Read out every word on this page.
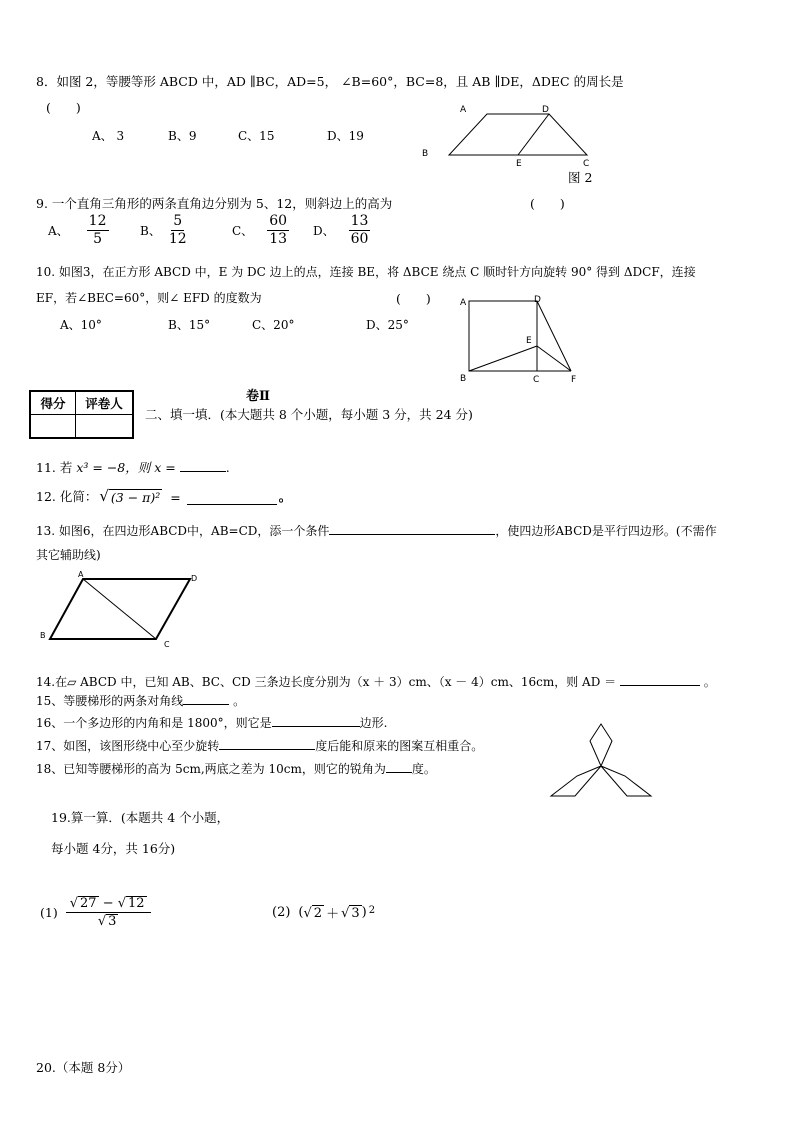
8．如图 2，等腰等形 ABCD 中，AD ∥BC，AD=5， ∠B=60°，BC=8，且 AB ∥DE，ΔDEC 的周长是
(　　)
A、 3	B、9	C、15	D、19
A	D
B
E	C
图 2
9. 一个直角三角形的两条直角边分别为 5、12，则斜边上的高为	(　　)
A、 $\frac{12}{5}$	B、 $\frac{5}{12}$	C、 $\frac{60}{13}$ D、 $\frac{13}{60}$
10. 如图3，在正方形 ABCD 中，E 为 DC 边上的点，连接 BE，将 ΔBCE 绕点 C 顺时针方向旋转 90° 得到 ΔDCF，连接
EF，若∠BEC=60°，则∠ EFD 的度数为	(　　)
A、10°	B、15°	C、20°	D、25°
A	D
E
B	C	F
卷Ⅱ
得分	评卷人

二、填一填．(本大题共 8 个小题，每小题 3 分，共 24 分)
11. 若 x³ = −8，则 x =	.
12. 化简： √ (3 − π)² =	。
13. 如图6，在四边形ABCD中，AB=CD，添一个条件	，使四边形ABCD是平行四边形。(不需作
其它辅助线)
A	D
B
C
14.在▱ ABCD 中，已知 AB、BC、CD 三条边长度分别为（x ＋ 3）cm、（x － 4）cm、16cm，则 AD ＝	。
15、等腰梯形的两条对角线	。
16、一个多边形的内角和是 1800°，则它是	边形.
17、如图，该图形绕中心至少旋转	度后能和原来的图案互相重合。
18、已知等腰梯形的高为 5cm,两底之差为 10cm，则它的锐角为 度。
19.算一算．(本题共 4 个小题，
每小题 4分，共 16分)
$(1) \frac{√ 27 - √ 12}{√ 3}$	(2) ( √ 2 ＋ √ 3 )$^2$
20.（本题 8分）
